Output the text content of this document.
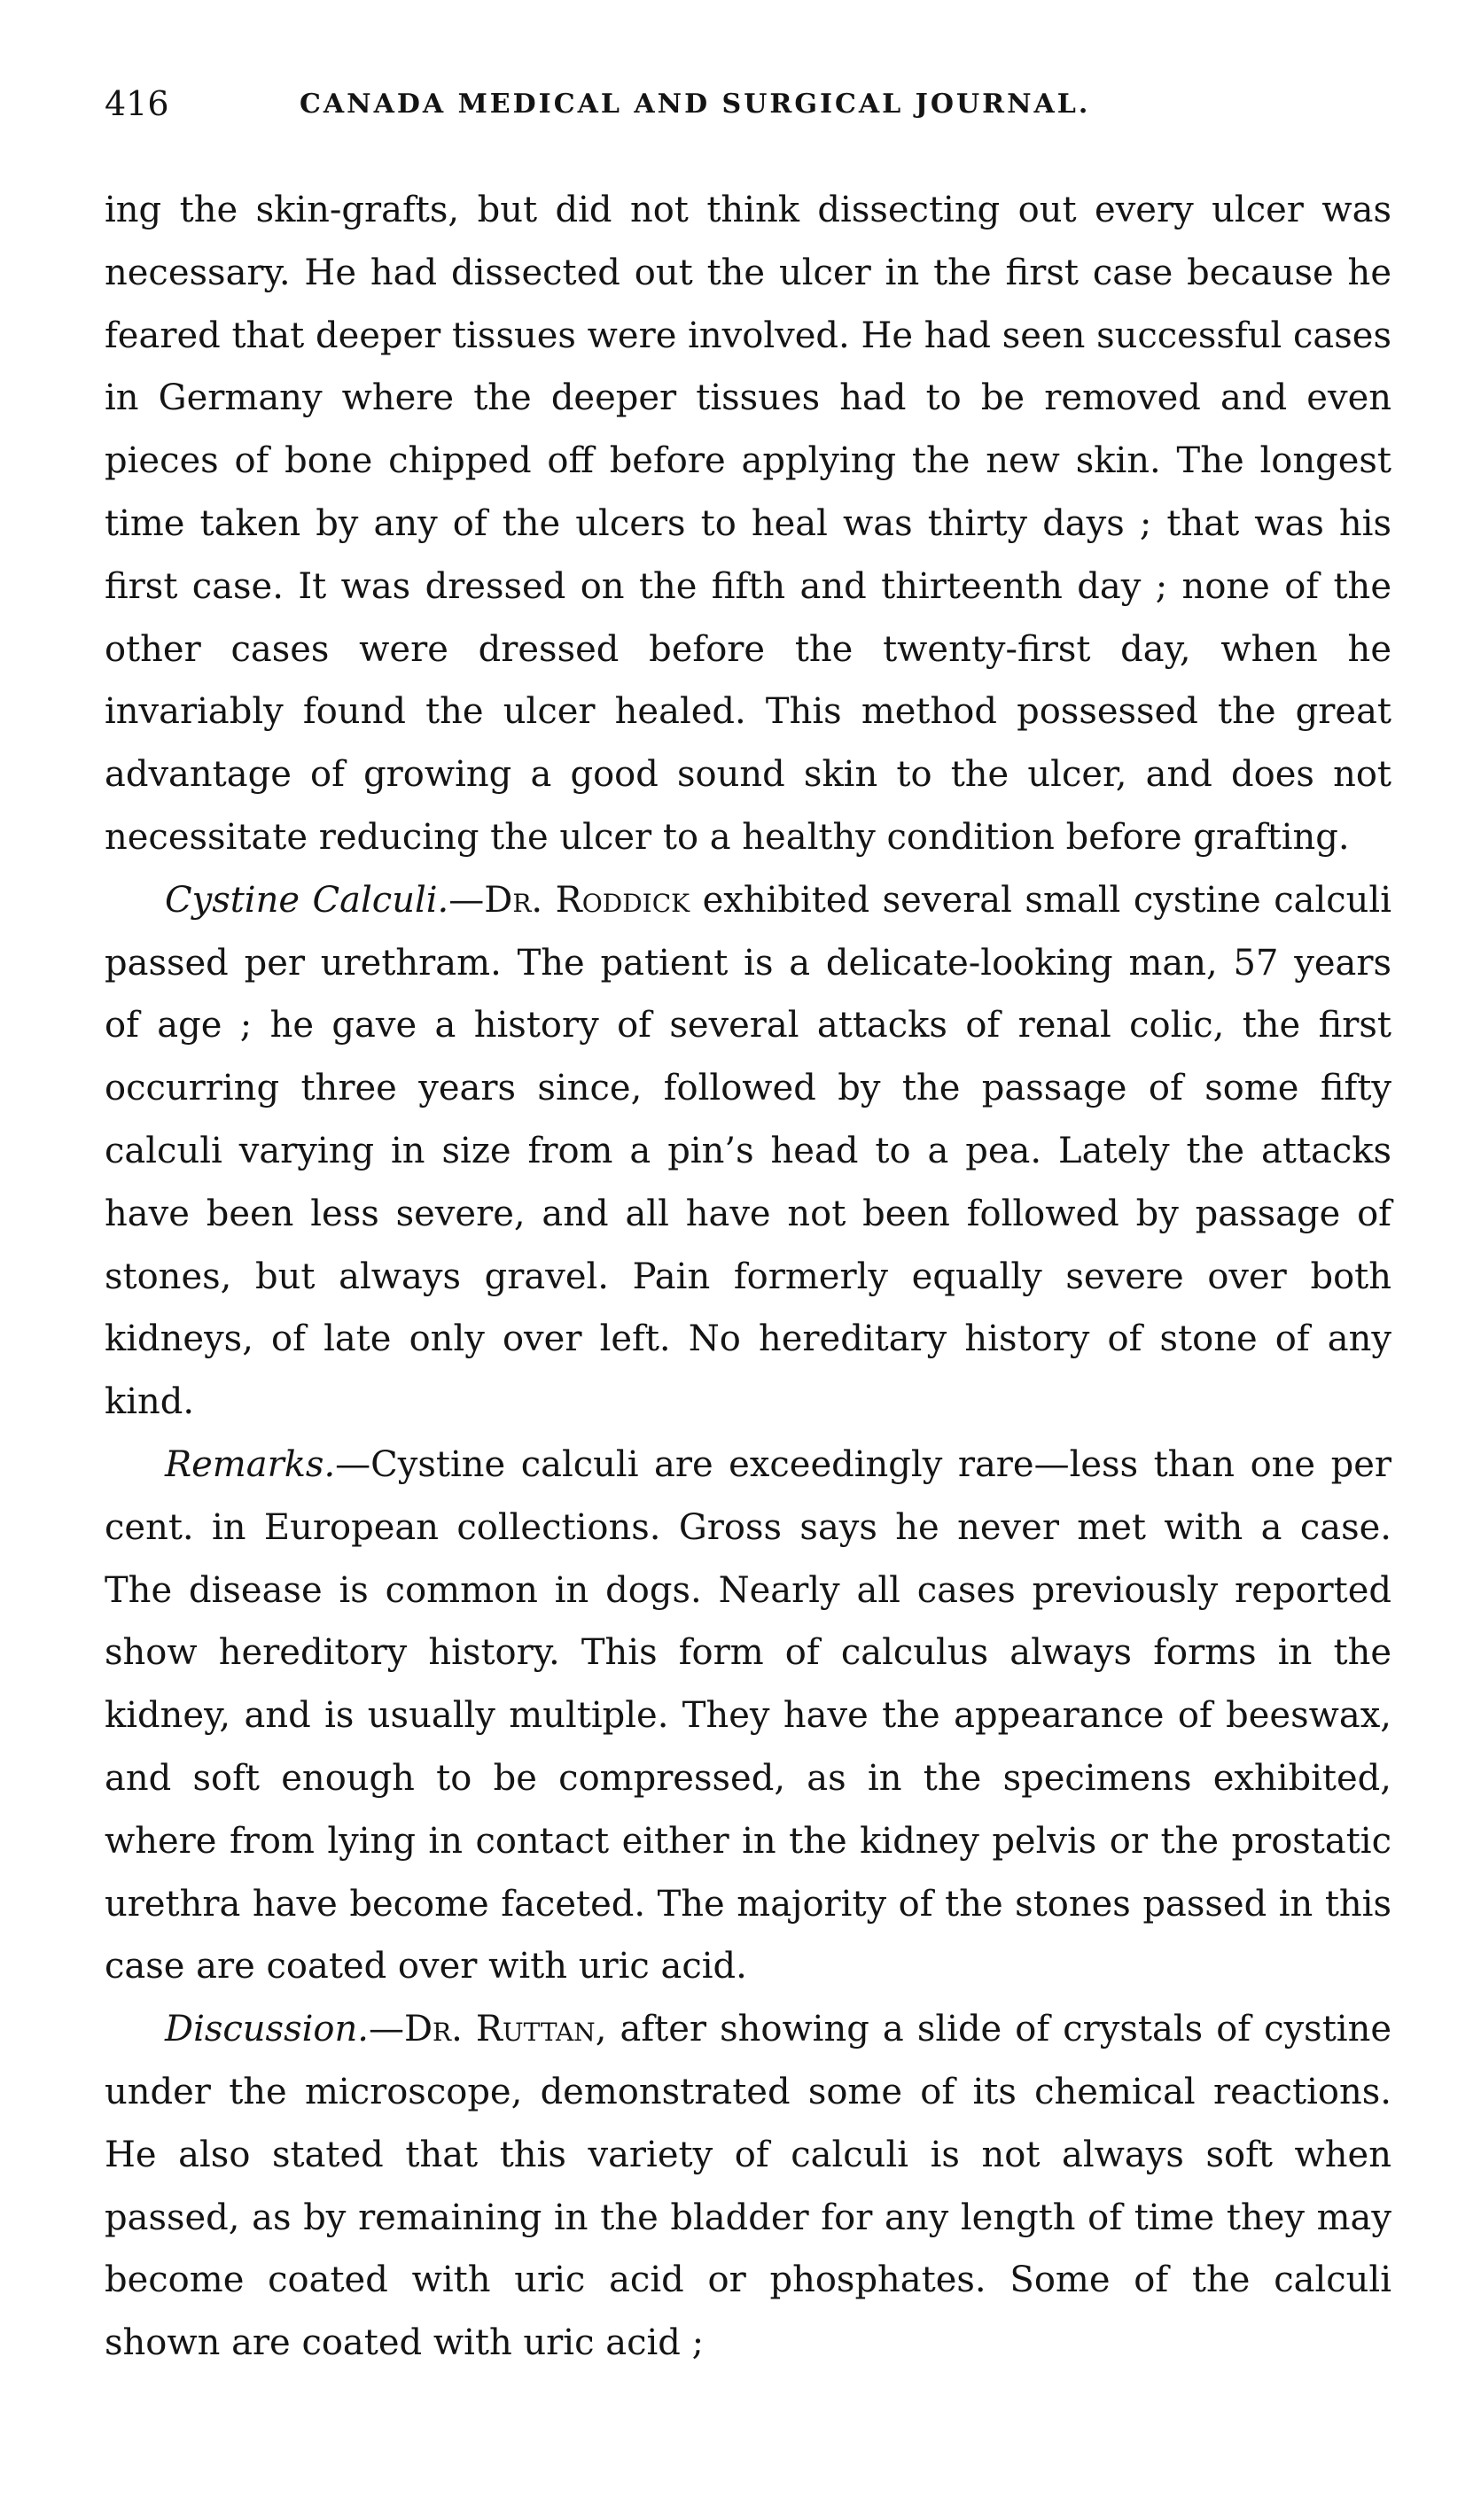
416	CANADA MEDICAL AND SURGICAL JOURNAL.

ing the skin-grafts, but did not think dissecting out every ulcer was necessary. He had dissected out the ulcer in the first case because he feared that deeper tissues were involved. He had seen successful cases in Germany where the deeper tissues had to be removed and even pieces of bone chipped off before applying the new skin. The longest time taken by any of the ulcers to heal was thirty days ; that was his first case. It was dressed on the fifth and thirteenth day ; none of the other cases were dressed before the twenty-first day, when he invariably found the ulcer healed. This method possessed the great advantage of growing a good sound skin to the ulcer, and does not necessitate reducing the ulcer to a healthy condition before grafting.

Cystine Calculi.—Dr. Roddick exhibited several small cystine calculi passed per urethram. The patient is a delicate-looking man, 57 years of age ; he gave a history of several attacks of renal colic, the first occurring three years since, followed by the passage of some fifty calculi varying in size from a pin’s head to a pea. Lately the attacks have been less severe, and all have not been followed by passage of stones, but always gravel. Pain formerly equally severe over both kidneys, of late only over left. No hereditary history of stone of any kind.

Remarks.—Cystine calculi are exceedingly rare—less than one per cent. in European collections. Gross says he never met with a case. The disease is common in dogs. Nearly all cases previously reported show hereditory history. This form of calculus always forms in the kidney, and is usually multiple. They have the appearance of beeswax, and soft enough to be compressed, as in the specimens exhibited, where from lying in contact either in the kidney pelvis or the prostatic urethra have become faceted. The majority of the stones passed in this case are coated over with uric acid.

Discussion.—Dr. Ruttan, after showing a slide of crystals of cystine under the microscope, demonstrated some of its chemical reactions. He also stated that this variety of calculi is not always soft when passed, as by remaining in the bladder for any length of time they may become coated with uric acid or phosphates. Some of the calculi shown are coated with uric acid ;
